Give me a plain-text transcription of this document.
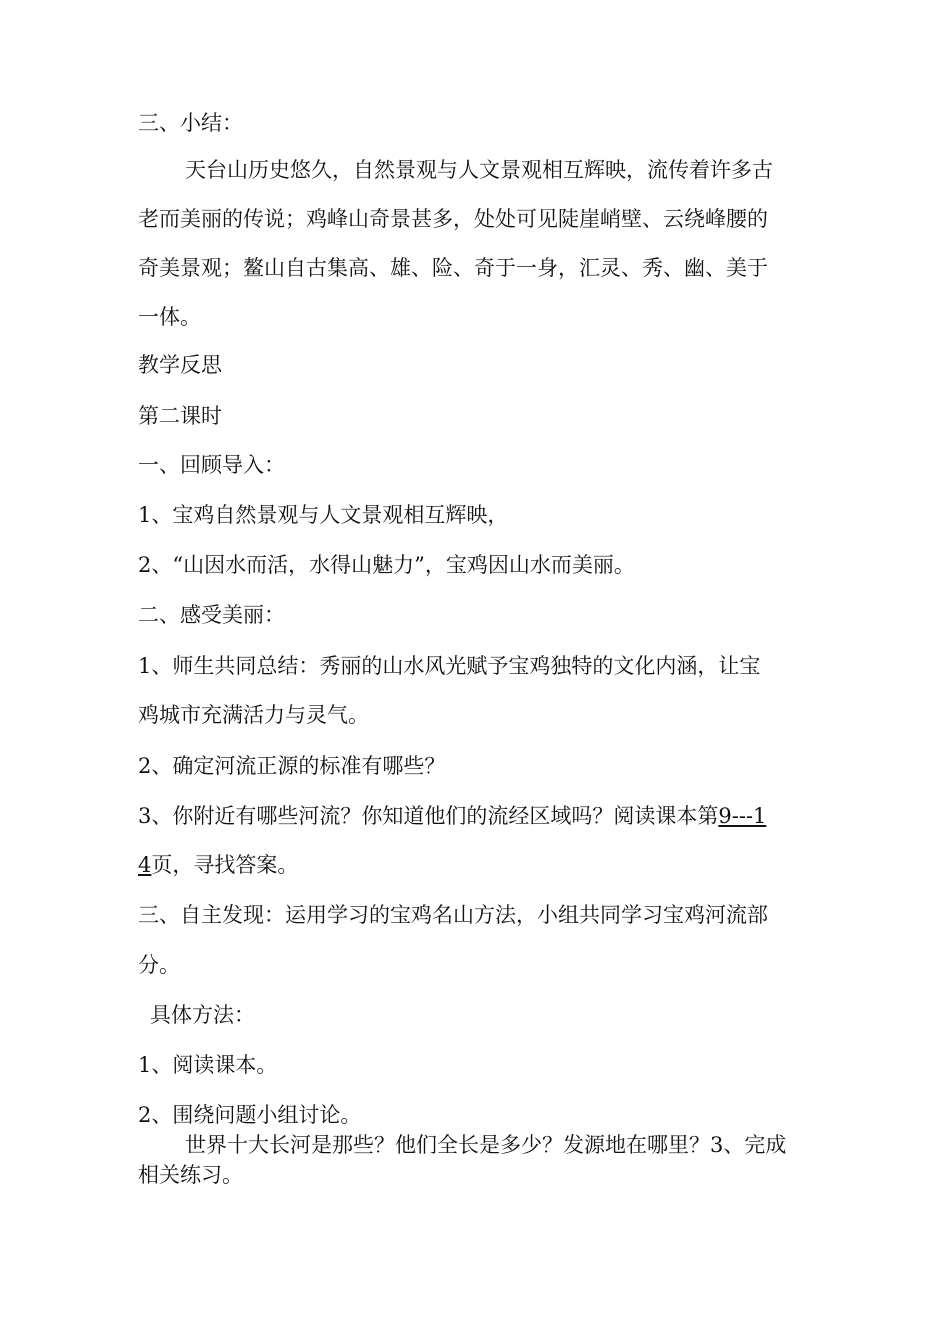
三、小结：
天台山历史悠久，自然景观与人文景观相互辉映，流传着许多古
老而美丽的传说；鸡峰山奇景甚多，处处可见陡崖峭壁、云绕峰腰的
奇美景观；鳌山自古集高、雄、险、奇于一身，汇灵、秀、幽、美于
一体。
教学反思
第二课时
一、回顾导入：
1、宝鸡自然景观与人文景观相互辉映，
2、“山因水而活，水得山魅力”，宝鸡因山水而美丽。
二、感受美丽：
1、师生共同总结：秀丽的山水风光赋予宝鸡独特的文化内涵，让宝
鸡城市充满活力与灵气。
2、确定河流正源的标准有哪些？
3、你附近有哪些河流？你知道他们的流经区域吗？阅读课本第9---1
4页，寻找答案。
三、自主发现：运用学习的宝鸡名山方法，小组共同学习宝鸡河流部
分。
具体方法：
1、阅读课本。
2、围绕问题小组讨论。
世界十大长河是那些？他们全长是多少？发源地在哪里？3、完成
相关练习。
